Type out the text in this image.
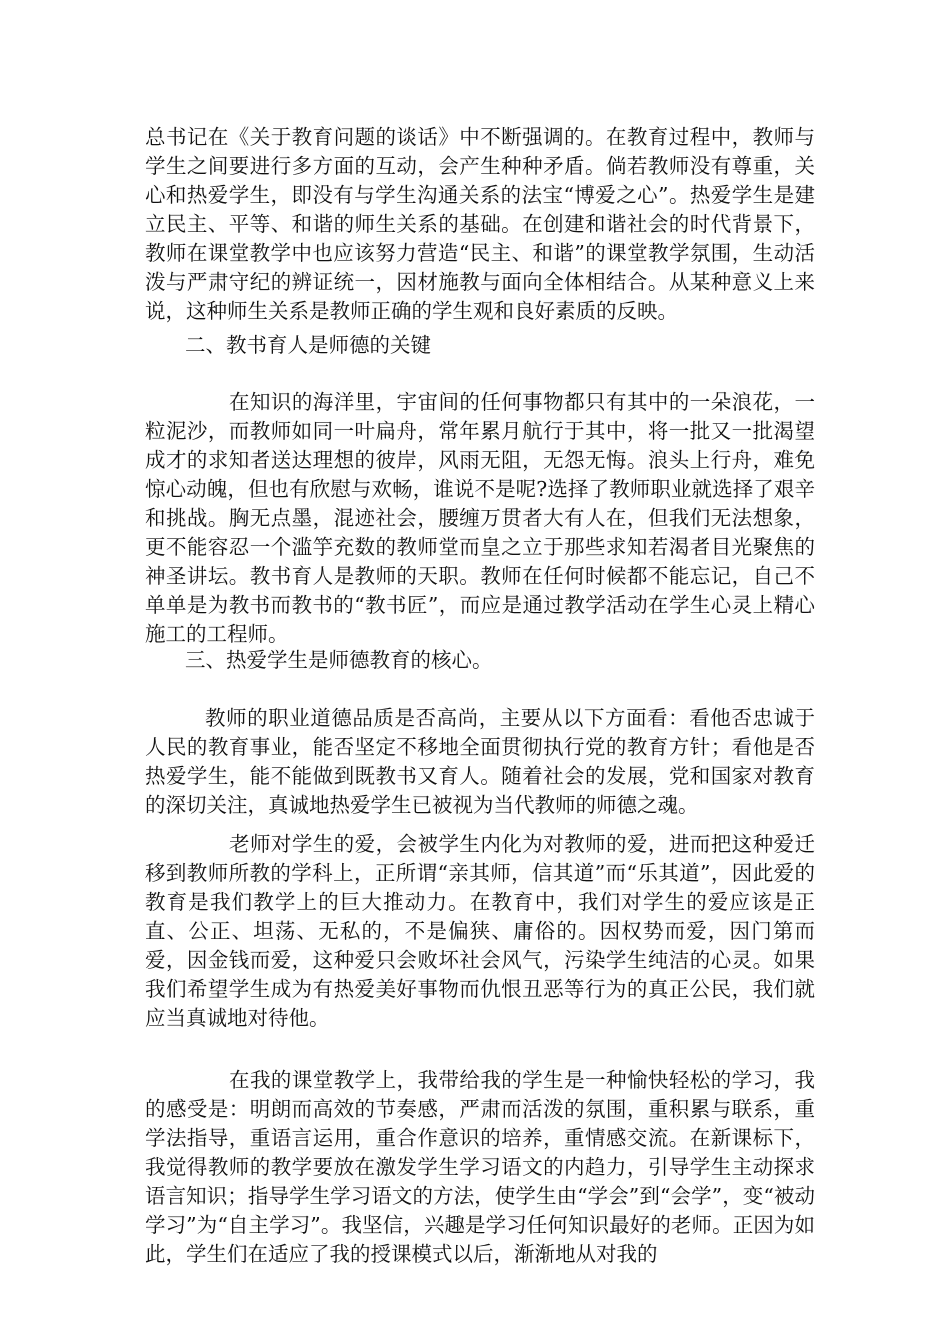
总书记在《关于教育问题的谈话》中不断强调的。在教育过程中，教师与学生之间要进行多方面的互动，会产生种种矛盾。倘若教师没有尊重，关心和热爱学生，即没有与学生沟通关系的法宝“博爱之心”。热爱学生是建立民主、平等、和谐的师生关系的基础。在创建和谐社会的时代背景下，教师在课堂教学中也应该努力营造“民主、和谐”的课堂教学氛围，生动活泼与严肃守纪的辨证统一，因材施教与面向全体相结合。从某种意义上来说，这种师生关系是教师正确的学生观和良好素质的反映。

二、教书育人是师德的关键

在知识的海洋里，宇宙间的任何事物都只有其中的一朵浪花，一粒泥沙，而教师如同一叶扁舟，常年累月航行于其中，将一批又一批渴望成才的求知者送达理想的彼岸，风雨无阻，无怨无悔。浪头上行舟，难免惊心动魄，但也有欣慰与欢畅，谁说不是呢?选择了教师职业就选择了艰辛和挑战。胸无点墨，混迹社会，腰缠万贯者大有人在，但我们无法想象，更不能容忍一个滥竽充数的教师堂而皇之立于那些求知若渴者目光聚焦的神圣讲坛。教书育人是教师的天职。教师在任何时候都不能忘记，自己不单单是为教书而教书的“教书匠”，而应是通过教学活动在学生心灵上精心施工的工程师。

三、热爱学生是师德教育的核心。

教师的职业道德品质是否高尚，主要从以下方面看：看他否忠诚于人民的教育事业，能否坚定不移地全面贯彻执行党的教育方针；看他是否热爱学生，能不能做到既教书又育人。随着社会的发展，党和国家对教育的深切关注，真诚地热爱学生已被视为当代教师的师德之魂。

老师对学生的爱，会被学生内化为对教师的爱，进而把这种爱迁移到教师所教的学科上，正所谓“亲其师，信其道”而“乐其道”，因此爱的教育是我们教学上的巨大推动力。在教育中，我们对学生的爱应该是正直、公正、坦荡、无私的，不是偏狭、庸俗的。因权势而爱，因门第而爱，因金钱而爱，这种爱只会败坏社会风气，污染学生纯洁的心灵。如果我们希望学生成为有热爱美好事物而仇恨丑恶等行为的真正公民，我们就应当真诚地对待他。

在我的课堂教学上，我带给我的学生是一种愉快轻松的学习，我的感受是：明朗而高效的节奏感，严肃而活泼的氛围，重积累与联系，重学法指导，重语言运用，重合作意识的培养，重情感交流。在新课标下，我觉得教师的教学要放在激发学生学习语文的内趋力，引导学生主动探求语言知识；指导学生学习语文的方法，使学生由“学会”到“会学”，变“被动学习”为“自主学习”。我坚信，兴趣是学习任何知识最好的老师。正因为如此，学生们在适应了我的授课模式以后，渐渐地从对我的
